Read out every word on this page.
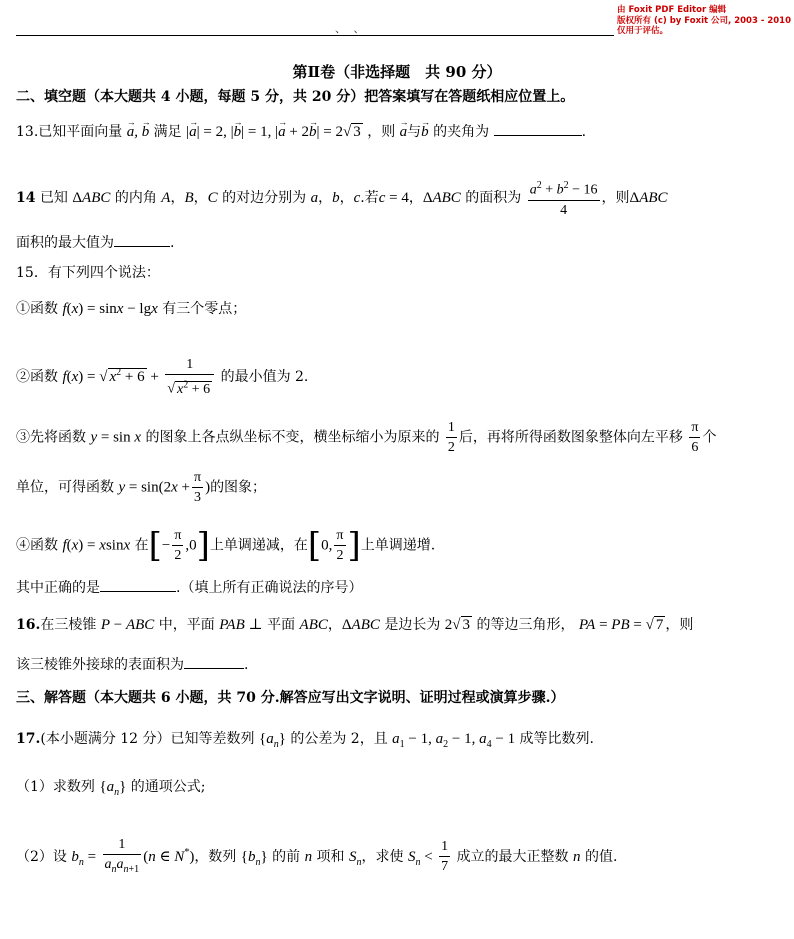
、 、
由 Foxit PDF Editor 编辑
版权所有 (c) by Foxit 公司, 2003 - 2010
仅用于评估。
第Ⅱ卷（非选择题　共 90 分）
二、填空题（本大题共 4 小题，每题 5 分，共 20 分）把答案填写在答题纸相应位置上。
13.已知平面向量 → a, → b 满足 |→ a| = 2, |→ b| = 1, |→ a + 2→ b| = 2√ 3 ，则 → a与→ b 的夹角为	.
14 已知 ΔABC 的内角 A，B，C 的对边分别为 a，b，c.若c = 4，ΔABC 的面积为 $\frac{a^2 + b^2 - 16}{4}$ ，则ΔABC
面积的最大值为	.
15．有下列四个说法：
①函数 f(x) = sinx − lgx 有三个零点；
②函数 f(x) = √ $x^2 + 6 + \frac{1}{√ x^2 + 6}$ 的最小值为 2.
③先将函数 y = sin x 的图象上各点纵坐标不变，横坐标缩小为原来的 $\frac{1}{2}$ 后，再将所得函数图象整体向左平移 $\frac{\pi}{6}$ 个
单位，可得函数 $y = \sin(2x + \frac{\pi}{3}$ )的图象；
④函数 f(x) = xsinx 在[− $\frac{\pi}{2} ,0$]上单调递减，在[0, $\frac{\pi}{2}$ ]上单调递增.
其中正确的是	.（填上所有正确说法的序号）
16.在三棱锥 P − ABC 中，平面 PAB ⊥ 平面 ABC，ΔABC 是边长为 2√ 3 的等边三角形， PA = PB = √ 7 ，则
该三棱锥外接球的表面积为	.
三、解答题（本大题共 6 小题，共 70 分.解答应写出文字说明、证明过程或演算步骤.）
17.(本小题满分 12 分）已知等差数列 $\{a_n\}$ 的公差为 2，且 $a_1 - 1$, $a_2 - 1$, $a_4 - 1$ 成等比数列.
（1）求数列 $\{a_n\}$ 的通项公式;
（2）设 $b_n = \frac{1}{a_na_{n+1}} (n$ ∈ N*)，数列 $\{b_n\}$ 的前 n 项和 $S_n$，求使 $S_n < \frac{1}{7}$ 成立的最大正整数 n 的值.
